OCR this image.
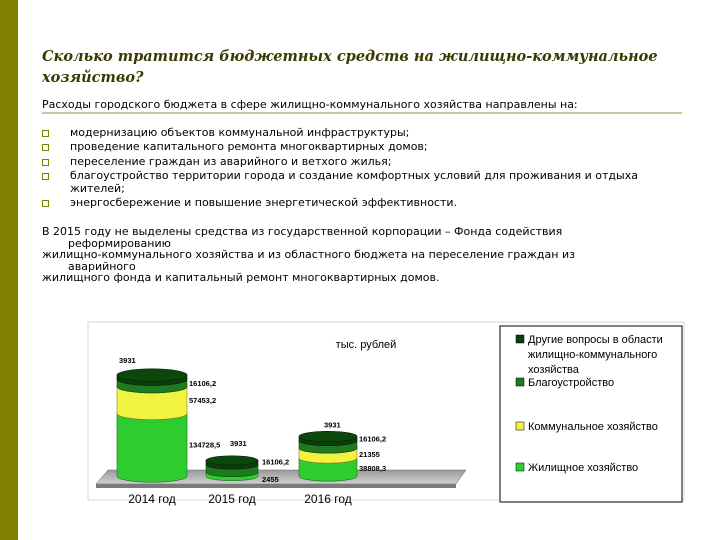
Сколько тратится бюджетных средств на жилищно-коммунальное хозяйство?
Расходы городского бюджета в сфере жилищно-коммунального хозяйства направлены на:
модернизацию объектов коммунальной инфраструктуры;
проведение капитального ремонта многоквартирных домов;
переселение граждан из аварийного и ветхого жилья;
благоустройство территории города и создание комфортных условий для проживания и отдыха жителей;
энергосбережение и повышение энергетической эффективности.
В 2015 году не выделены средства из государственной корпорации – Фонда содействия
реформированию
жилищно-коммунального хозяйства и из областного бюджета на переселение граждан из
аварийного
жилищного фонда и капитальный ремонт многоквартирных домов.
тыс. рублей
134728,5
57453,2
16106,2
3931
2455
16106,2
3931
38808,3
21355
16106,2
3931
2014 год	2015 год	2016 год
Другие вопросы в области
жилищно-коммунального
хозяйства
Благоустройство
Коммунальное хозяйство
Жилищное хозяйство
